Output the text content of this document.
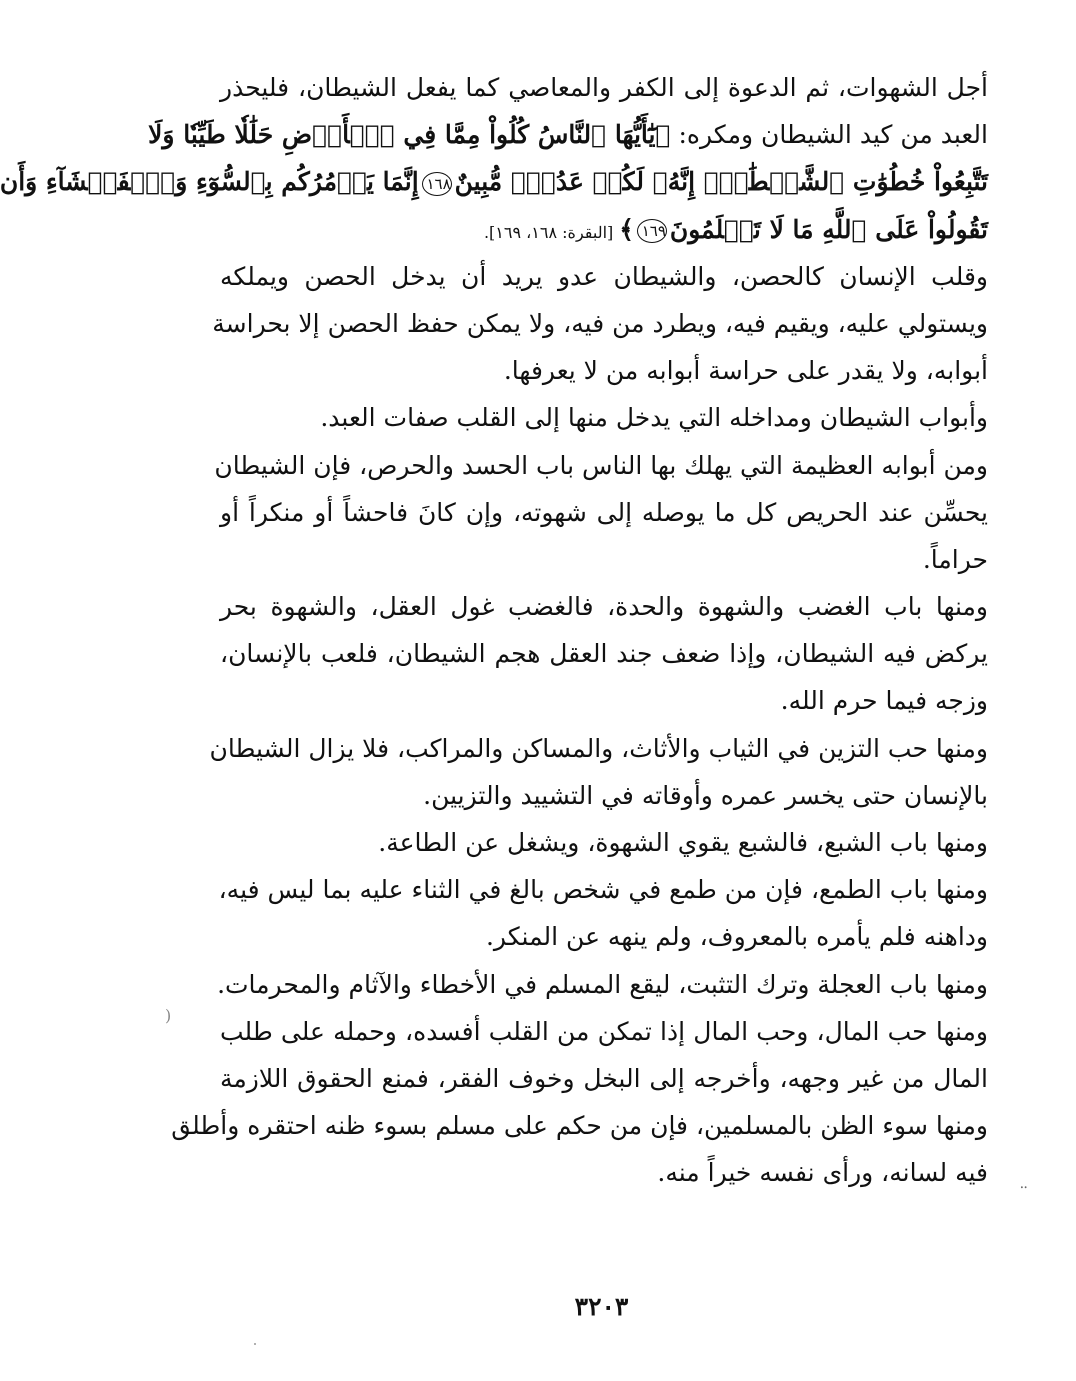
أجل الشهوات، ثم الدعوة إلى الكفر والمعاصي كما يفعل الشيطان، فليحذر
العبد من كيد الشيطان ومكره: ﴿يَٰٓأَيُّهَا ٱلنَّاسُ كُلُواْ مِمَّا فِي ٱلۡأَرۡضِ حَلَٰلٗا طَيِّبٗا وَلَا
تَتَّبِعُواْ خُطُوَٰتِ ٱلشَّيۡطَٰنِۚ إِنَّهُۥ لَكُمۡ عَدُوّٞ مُّبِينٌ١٦٨إِنَّمَا يَأۡمُرُكُم بِٱلسُّوٓءِ وَٱلۡفَحۡشَآءِ وَأَن
تَقُولُواْ عَلَى ٱللَّهِ مَا لَا تَعۡلَمُونَ١٦٩﴾[البقرة: ١٦٨، ١٦٩].
وقلب الإنسان كالحصن، والشيطان عدو يريد أن يدخل الحصن ويملكه
ويستولي عليه، ويقيم فيه، ويطرد من فيه، ولا يمكن حفظ الحصن إلا بحراسة
أبوابه، ولا يقدر على حراسة أبوابه من لا يعرفها.
وأبواب الشيطان ومداخله التي يدخل منها إلى القلب صفات العبد.
ومن أبوابه العظيمة التي يهلك بها الناس باب الحسد والحرص، فإن الشيطان
يحسِّن عند الحريص كل ما يوصله إلى شهوته، وإن كانَ فاحشاً أو منكراً أو
حراماً.
ومنها باب الغضب والشهوة والحدة، فالغضب غول العقل، والشهوة بحر
يركض فيه الشيطان، وإذا ضعف جند العقل هجم الشيطان، فلعب بالإنسان،
وزجه فيما حرم الله.
ومنها حب التزين في الثياب والأثاث، والمساكن والمراكب، فلا يزال الشيطان
بالإنسان حتى يخسر عمره وأوقاته في التشييد والتزيين.
ومنها باب الشبع، فالشبع يقوي الشهوة، ويشغل عن الطاعة.
ومنها باب الطمع، فإن من طمع في شخص بالغ في الثناء عليه بما ليس فيه،
وداهنه فلم يأمره بالمعروف، ولم ينهه عن المنكر.
ومنها باب العجلة وترك التثبت، ليقع المسلم في الأخطاء والآثام والمحرمات.
ومنها حب المال، وحب المال إذا تمكن من القلب أفسده، وحمله على طلب
المال من غير وجهه، وأخرجه إلى البخل وخوف الفقر، فمنع الحقوق اللازمة
ومنها سوء الظن بالمسلمين، فإن من حكم على مسلم بسوء ظنه احتقره وأطلق
فيه لسانه، ورأى نفسه خيراً منه.
٣٢٠٣
(
⸳⸳
